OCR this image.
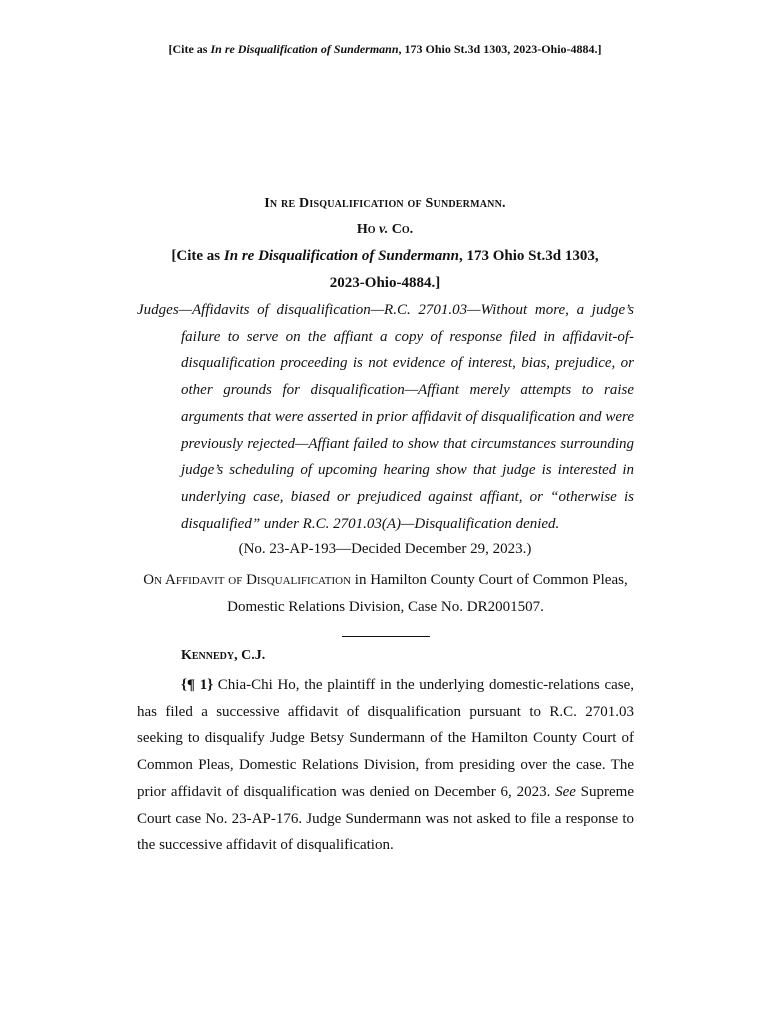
[Cite as In re Disqualification of Sundermann, 173 Ohio St.3d 1303, 2023-Ohio-4884.]
In re Disqualification of Sundermann.
Ho v. Co.
[Cite as In re Disqualification of Sundermann, 173 Ohio St.3d 1303,
2023-Ohio-4884.]
Judges—Affidavits of disqualification—R.C. 2701.03—Without more, a judge’s failure to serve on the affiant a copy of response filed in affidavit-of-disqualification proceeding is not evidence of interest, bias, prejudice, or other grounds for disqualification—Affiant merely attempts to raise arguments that were asserted in prior affidavit of disqualification and were previously rejected—Affiant failed to show that circumstances surrounding judge’s scheduling of upcoming hearing show that judge is interested in underlying case, biased or prejudiced against affiant, or “otherwise is disqualified” under R.C. 2701.03(A)—Disqualification denied.
(No. 23-AP-193—Decided December 29, 2023.)
On Affidavit of Disqualification in Hamilton County Court of Common Pleas, Domestic Relations Division, Case No. DR2001507.
Kennedy, C.J.
{¶ 1} Chia-Chi Ho, the plaintiff in the underlying domestic-relations case, has filed a successive affidavit of disqualification pursuant to R.C. 2701.03 seeking to disqualify Judge Betsy Sundermann of the Hamilton County Court of Common Pleas, Domestic Relations Division, from presiding over the case. The prior affidavit of disqualification was denied on December 6, 2023. See Supreme Court case No. 23-AP-176. Judge Sundermann was not asked to file a response to the successive affidavit of disqualification.
